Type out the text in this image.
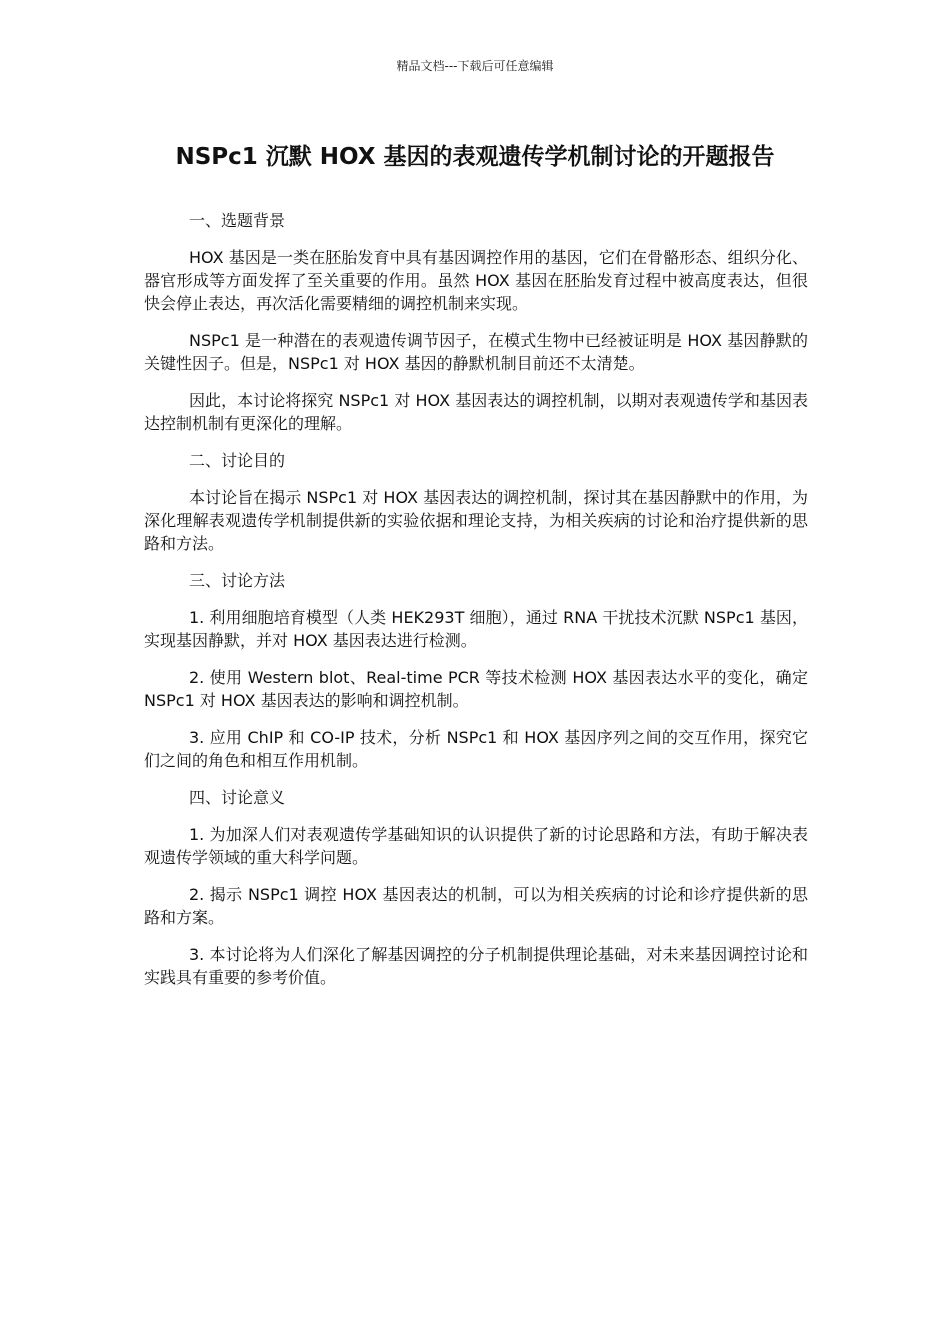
精品文档---下载后可任意编辑
NSPc1 沉默 HOX 基因的表观遗传学机制讨论的开题报告
一、选题背景

HOX 基因是一类在胚胎发育中具有基因调控作用的基因，它们在骨骼形态、组织分化、器官形成等方面发挥了至关重要的作用。虽然 HOX 基因在胚胎发育过程中被高度表达，但很快会停止表达，再次活化需要精细的调控机制来实现。

NSPc1 是一种潜在的表观遗传调节因子，在模式生物中已经被证明是 HOX 基因静默的关键性因子。但是，NSPc1 对 HOX 基因的静默机制目前还不太清楚。

因此，本讨论将探究 NSPc1 对 HOX 基因表达的调控机制，以期对表观遗传学和基因表达控制机制有更深化的理解。

二、讨论目的

本讨论旨在揭示 NSPc1 对 HOX 基因表达的调控机制，探讨其在基因静默中的作用，为深化理解表观遗传学机制提供新的实验依据和理论支持，为相关疾病的讨论和治疗提供新的思路和方法。

三、讨论方法

1. 利用细胞培育模型（人类 HEK293T 细胞），通过 RNA 干扰技术沉默 NSPc1 基因，实现基因静默，并对 HOX 基因表达进行检测。

2. 使用 Western blot、Real-time PCR 等技术检测 HOX 基因表达水平的变化，确定 NSPc1 对 HOX 基因表达的影响和调控机制。

3. 应用 ChIP 和 CO-IP 技术，分析 NSPc1 和 HOX 基因序列之间的交互作用，探究它们之间的角色和相互作用机制。

四、讨论意义

1. 为加深人们对表观遗传学基础知识的认识提供了新的讨论思路和方法，有助于解决表观遗传学领域的重大科学问题。

2. 揭示 NSPc1 调控 HOX 基因表达的机制，可以为相关疾病的讨论和诊疗提供新的思路和方案。

3. 本讨论将为人们深化了解基因调控的分子机制提供理论基础，对未来基因调控讨论和实践具有重要的参考价值。
